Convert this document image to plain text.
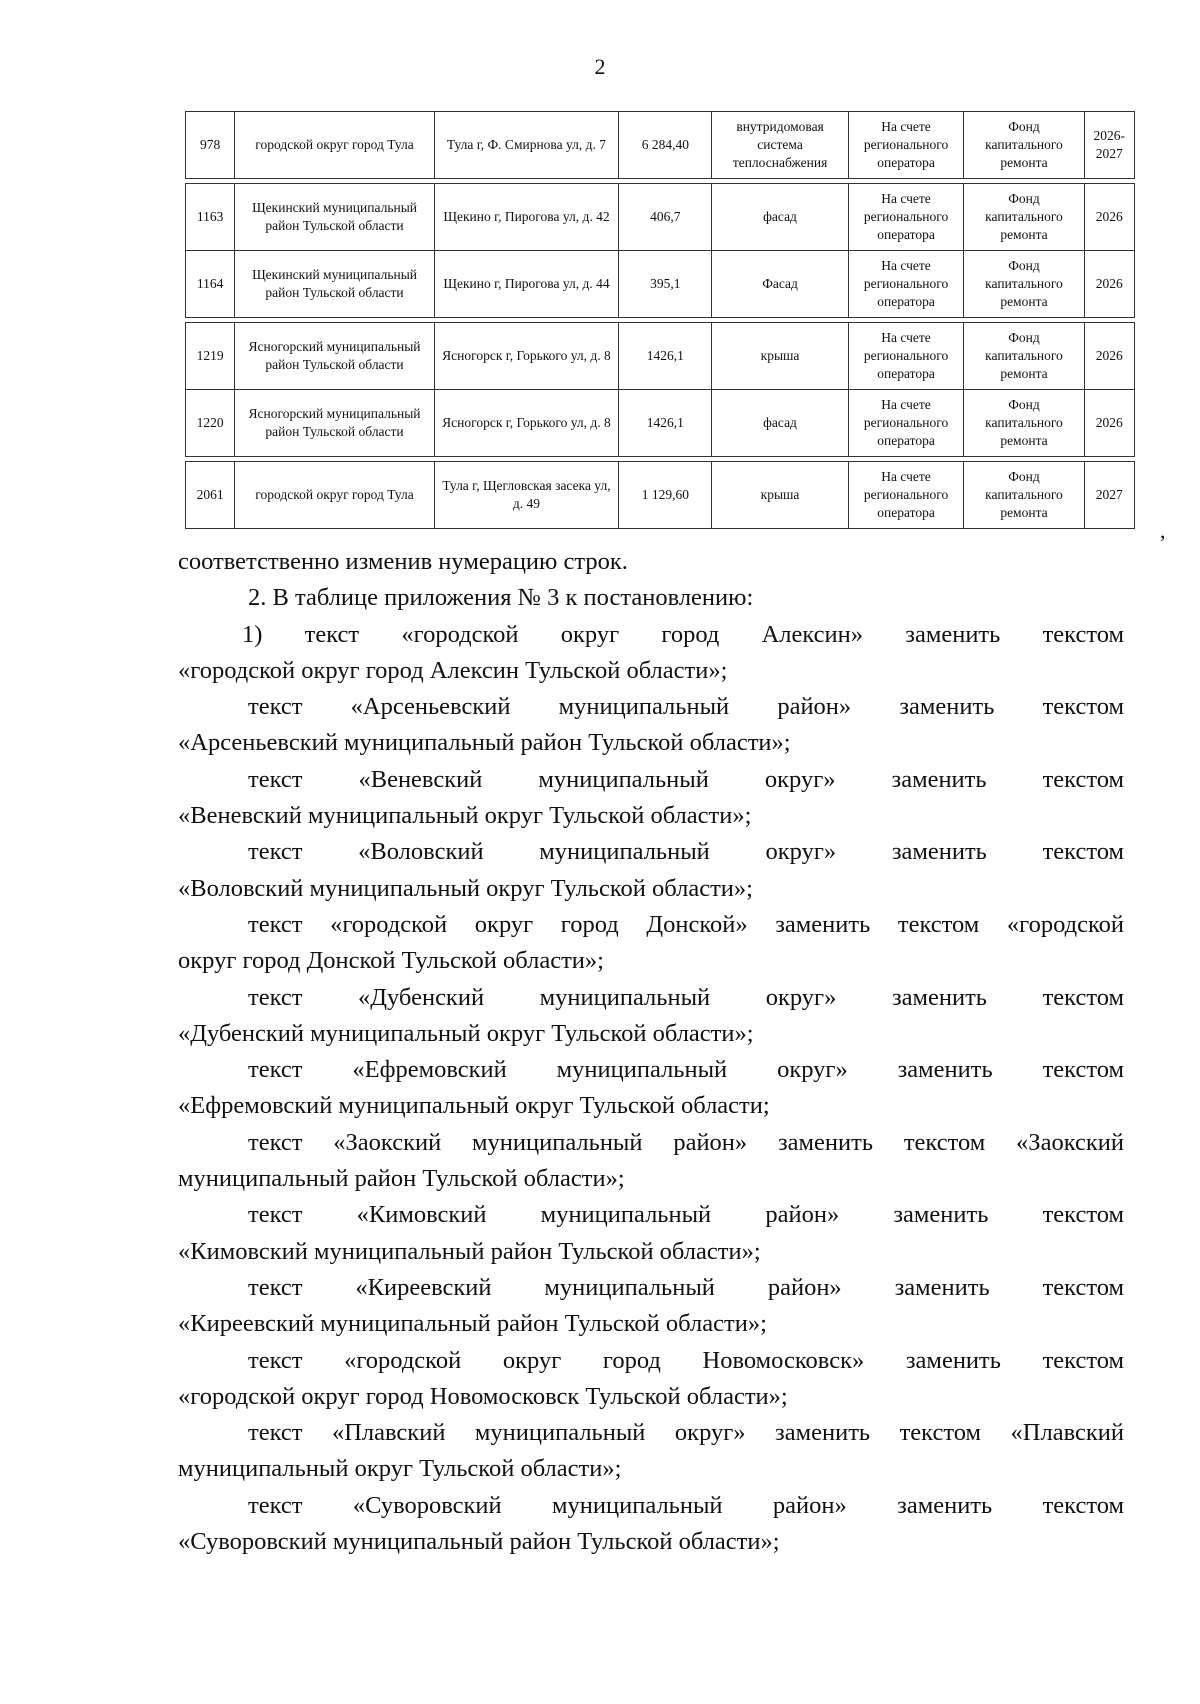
2
978	городской округ город Тула	Тула г, Ф. Смирнова ул, д. 7	6 284,40	внутридомовая система теплоснабжения	На счете регионального оператора	Фонд капитального ремонта	2026-2027
1163	Щекинский муниципальный район Тульской области	Щекино г, Пирогова ул, д. 42	406,7	фасад	На счете регионального оператора	Фонд капитального ремонта	2026
1164	Щекинский муниципальный район Тульской области	Щекино г, Пирогова ул, д. 44	395,1	Фасад	На счете регионального оператора	Фонд капитального ремонта	2026
1219	Ясногорский муниципальный район Тульской области	Ясногорск г, Горького ул, д. 8	1426,1	крыша	На счете регионального оператора	Фонд капитального ремонта	2026
1220	Ясногорский муниципальный район Тульской области	Ясногорск г, Горького ул, д. 8	1426,1	фасад	На счете регионального оператора	Фонд капитального ремонта	2026
2061	городской округ город Тула	Тула г, Щегловская засека ул, д. 49	1 129,60	крыша	На счете регионального оператора	Фонд капитального ремонта	2027
,

соответственно изменив нумерацию строк.

2. В таблице приложения № 3 к постановлению:

1) текст «городской округ город Алексин» заменить текстом

«городской округ город Алексин Тульской области»;

текст «Арсеньевский муниципальный район» заменить текстом

«Арсеньевский муниципальный район Тульской области»;

текст «Веневский муниципальный округ» заменить текстом

«Веневский муниципальный округ Тульской области»;

текст «Воловский муниципальный округ» заменить текстом

«Воловский муниципальный округ Тульской области»;

текст «городской округ город Донской» заменить текстом «городской

округ город Донской Тульской области»;

текст «Дубенский муниципальный округ» заменить текстом

«Дубенский муниципальный округ Тульской области»;

текст «Ефремовский муниципальный округ» заменить текстом

«Ефремовский муниципальный округ Тульской области;

текст «Заокский муниципальный район» заменить текстом «Заокский

муниципальный район Тульской области»;

текст «Кимовский муниципальный район» заменить текстом

«Кимовский муниципальный район Тульской области»;

текст «Киреевский муниципальный район» заменить текстом

«Киреевский муниципальный район Тульской области»;

текст «городской округ город Новомосковск» заменить текстом

«городской округ город Новомосковск Тульской области»;

текст «Плавский муниципальный округ» заменить текстом «Плавский

муниципальный округ Тульской области»;

текст «Суворовский муниципальный район» заменить текстом

«Суворовский муниципальный район Тульской области»;
